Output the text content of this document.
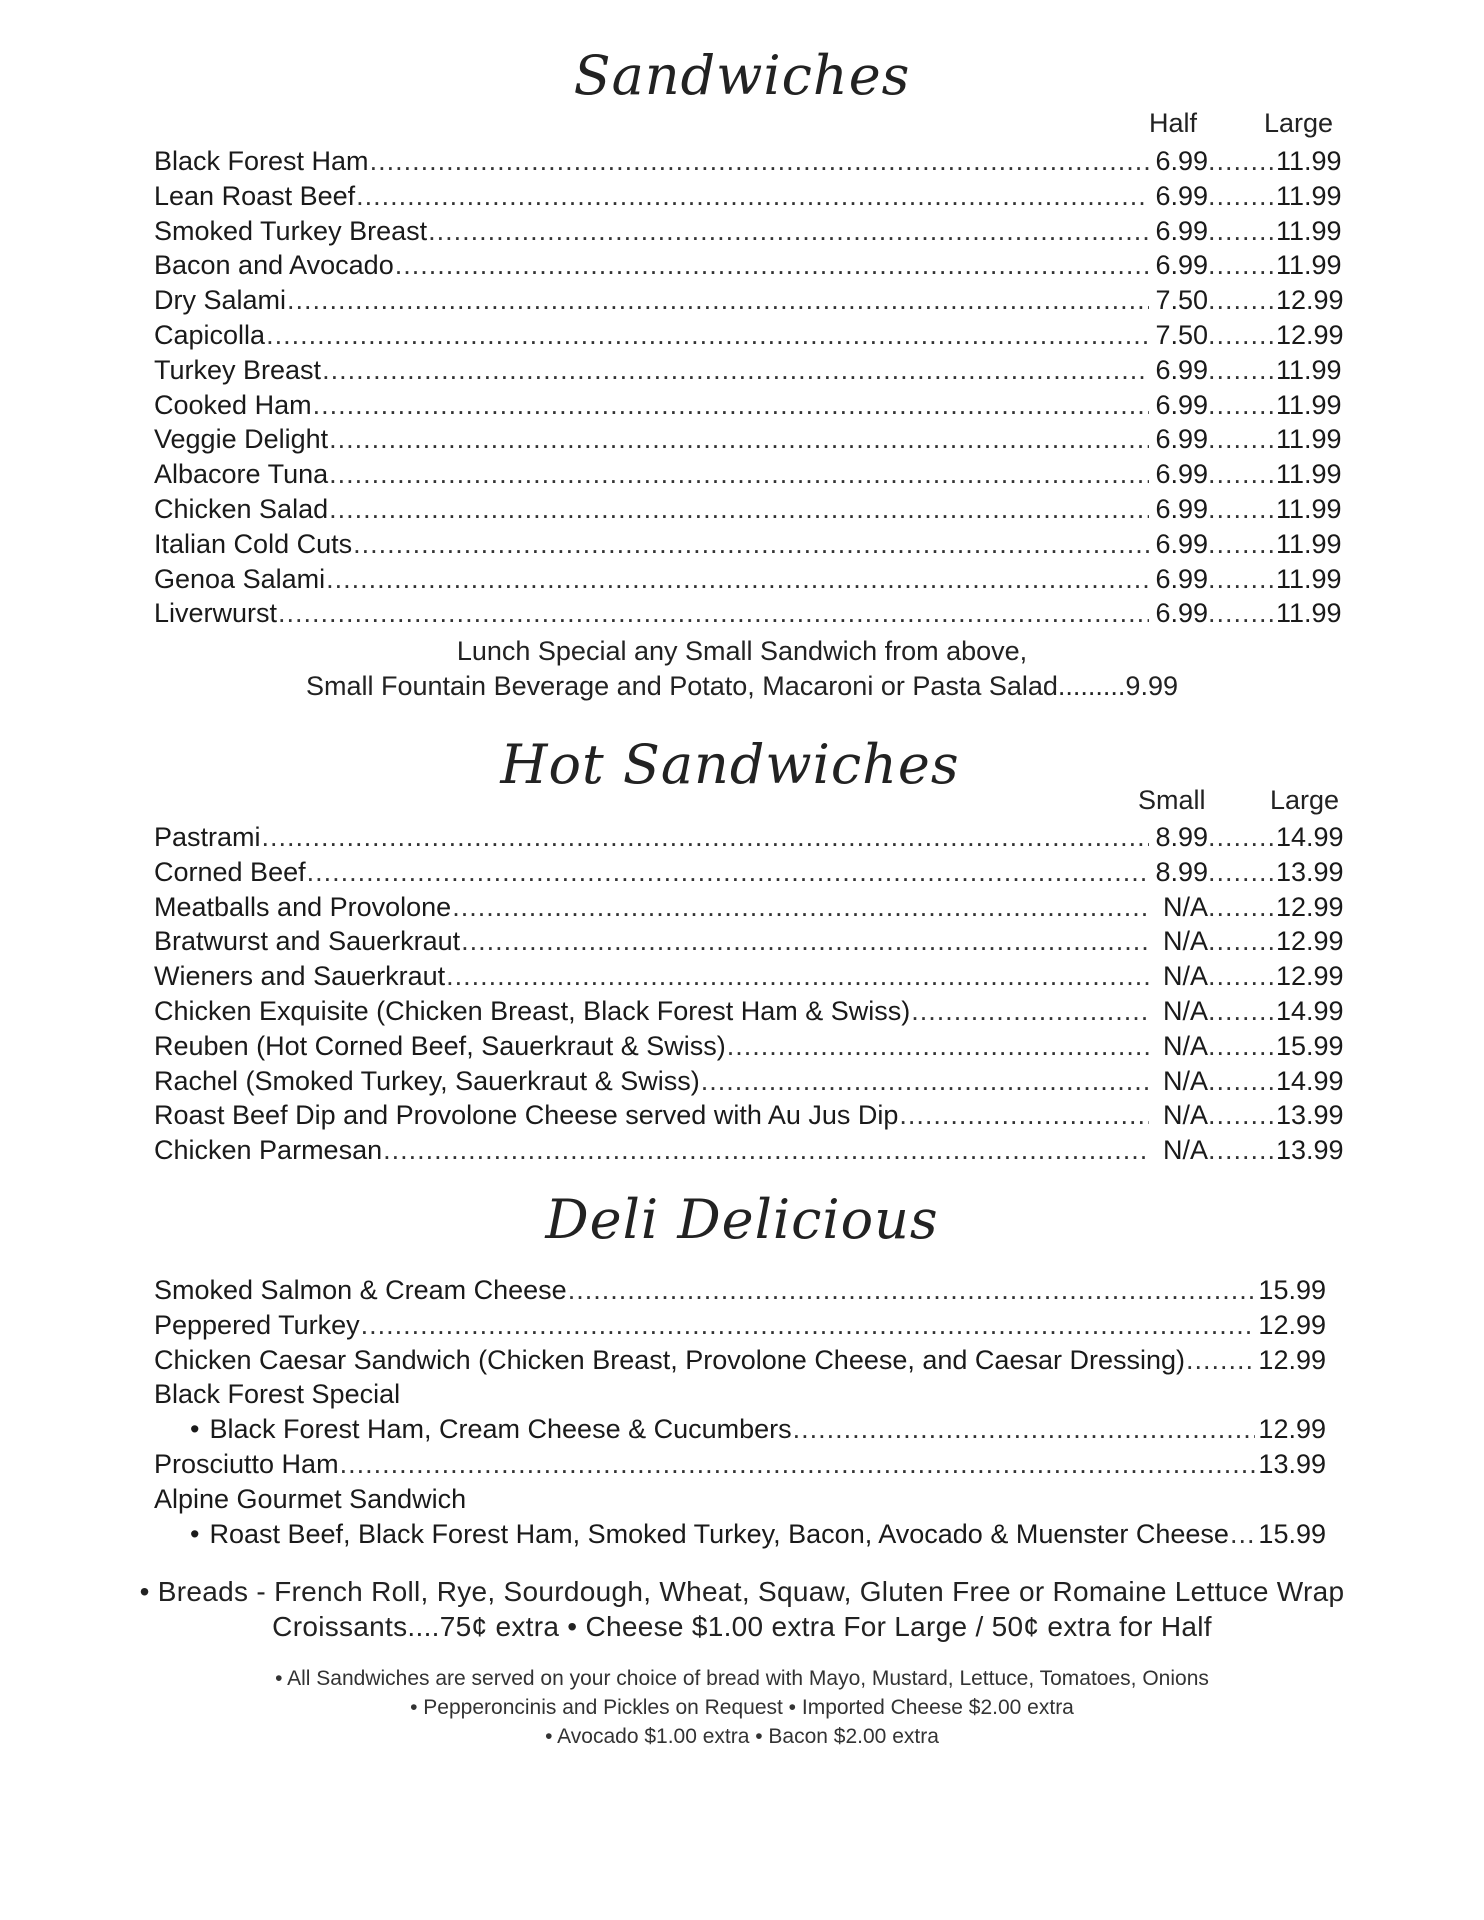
Sandwiches
Half Large
Black Forest Ham .....	6.99 .....	11.99
Lean Roast Beef .....	6.99 .....	11.99
Smoked Turkey Breast .....	6.99 .....	11.99
Bacon and Avocado .....	6.99 .....	11.99
Dry Salami .....	7.50 .....	12.99
Capicolla .....	7.50 .....	12.99
Turkey Breast .....	6.99 .....	11.99
Cooked Ham .....	6.99 .....	11.99
Veggie Delight .....	6.99 .....	11.99
Albacore Tuna .....	6.99 .....	11.99
Chicken Salad .....	6.99 .....	11.99
Italian Cold Cuts .....	6.99 .....	11.99
Genoa Salami .....	6.99 .....	11.99
Liverwurst .....	6.99 .....	11.99
Lunch Special any Small Sandwich from above,
Small Fountain Beverage and Potato, Macaroni or Pasta Salad.........9.99
Hot Sandwiches
Small Large
Pastrami .....	8.99 .....	14.99
Corned Beef .....	8.99 .....	13.99
Meatballs and Provolone .....	N/A .....	12.99
Bratwurst and Sauerkraut .....	N/A .....	12.99
Wieners and Sauerkraut .....	N/A .....	12.99
Chicken Exquisite (Chicken Breast, Black Forest Ham & Swiss) .....	N/A .....	14.99
Reuben (Hot Corned Beef, Sauerkraut & Swiss) .....	N/A .....	15.99
Rachel (Smoked Turkey, Sauerkraut & Swiss) .....	N/A .....	14.99
Roast Beef Dip and Provolone Cheese served with Au Jus Dip .....	N/A .....	13.99
Chicken Parmesan .....	N/A .....	13.99
Deli Delicious
Smoked Salmon & Cream Cheese .....	15.99
Peppered Turkey .....	12.99
Chicken Caesar Sandwich (Chicken Breast, Provolone Cheese, and Caesar Dressing) .....	12.99
Black Forest Special
• Black Forest Ham, Cream Cheese & Cucumbers .....	12.99
Prosciutto Ham .....	13.99
Alpine Gourmet Sandwich
• Roast Beef, Black Forest Ham, Smoked Turkey, Bacon, Avocado & Muenster Cheese ..... 15.99
• Breads - French Roll, Rye, Sourdough, Wheat, Squaw, Gluten Free or Romaine Lettuce Wrap
Croissants....75¢ extra • Cheese $1.00 extra For Large / 50¢ extra for Half
• All Sandwiches are served on your choice of bread with Mayo, Mustard, Lettuce, Tomatoes, Onions
• Pepperoncinis and Pickles on Request • Imported Cheese $2.00 extra
• Avocado $1.00 extra • Bacon $2.00 extra
